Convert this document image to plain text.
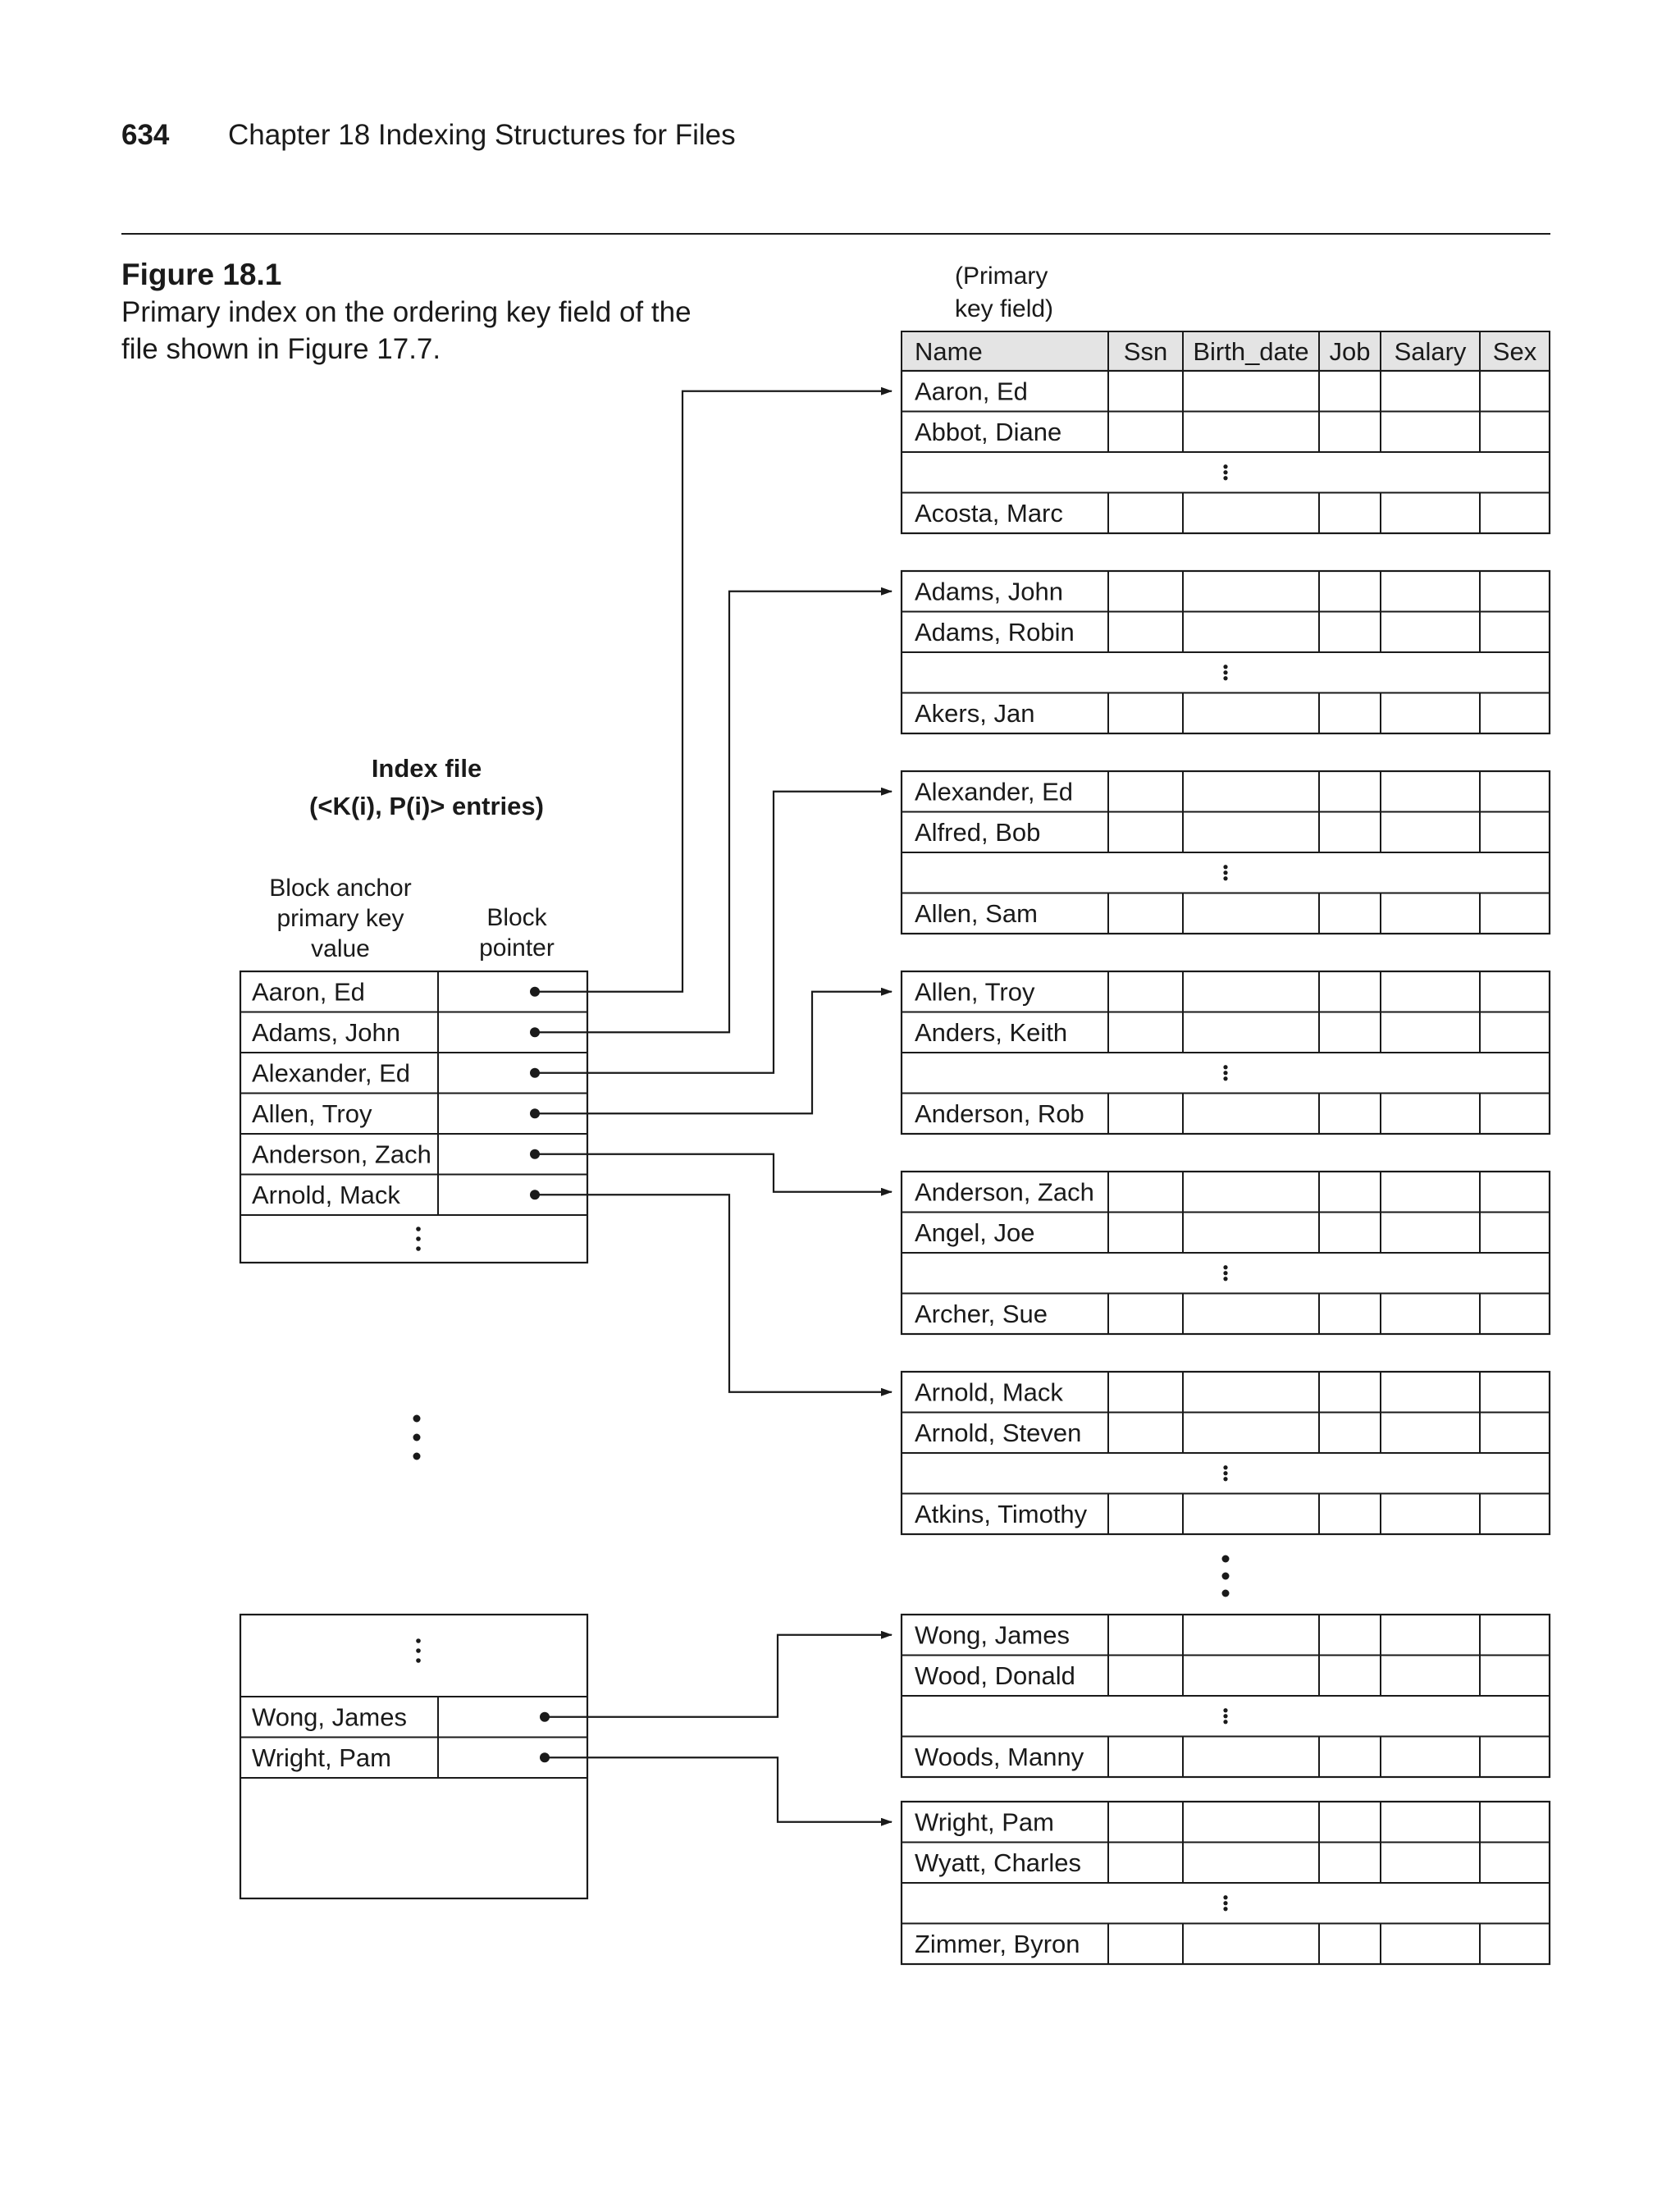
634 Chapter 18 Indexing Structures for Files
Figure 18.1
Primary index on the ordering key field of the file shown in Figure 17.7.
(Primary
key field)
Name	Ssn Birth_date Job Salary Sex
Aaron, Ed
Abbot, Diane
Acosta, Marc
Adams, John
Adams, Robin
Akers, Jan
Alexander, Ed
Alfred, Bob
Allen, Sam
Allen, Troy
Anders, Keith
Anderson, Rob
Anderson, Zach
Angel, Joe
Archer, Sue
Arnold, Mack
Arnold, Steven
Atkins, Timothy
Wong, James
Wood, Donald
Woods, Manny
Wright, Pam
Wyatt, Charles
Zimmer, Byron
Index file
(<K(i), P(i)> entries)
Block anchor
primary key
value
Block
pointer
Aaron, Ed
Adams, John
Alexander, Ed
Allen, Troy
Anderson, Zach
Arnold, Mack
Wong, James
Wright, Pam
